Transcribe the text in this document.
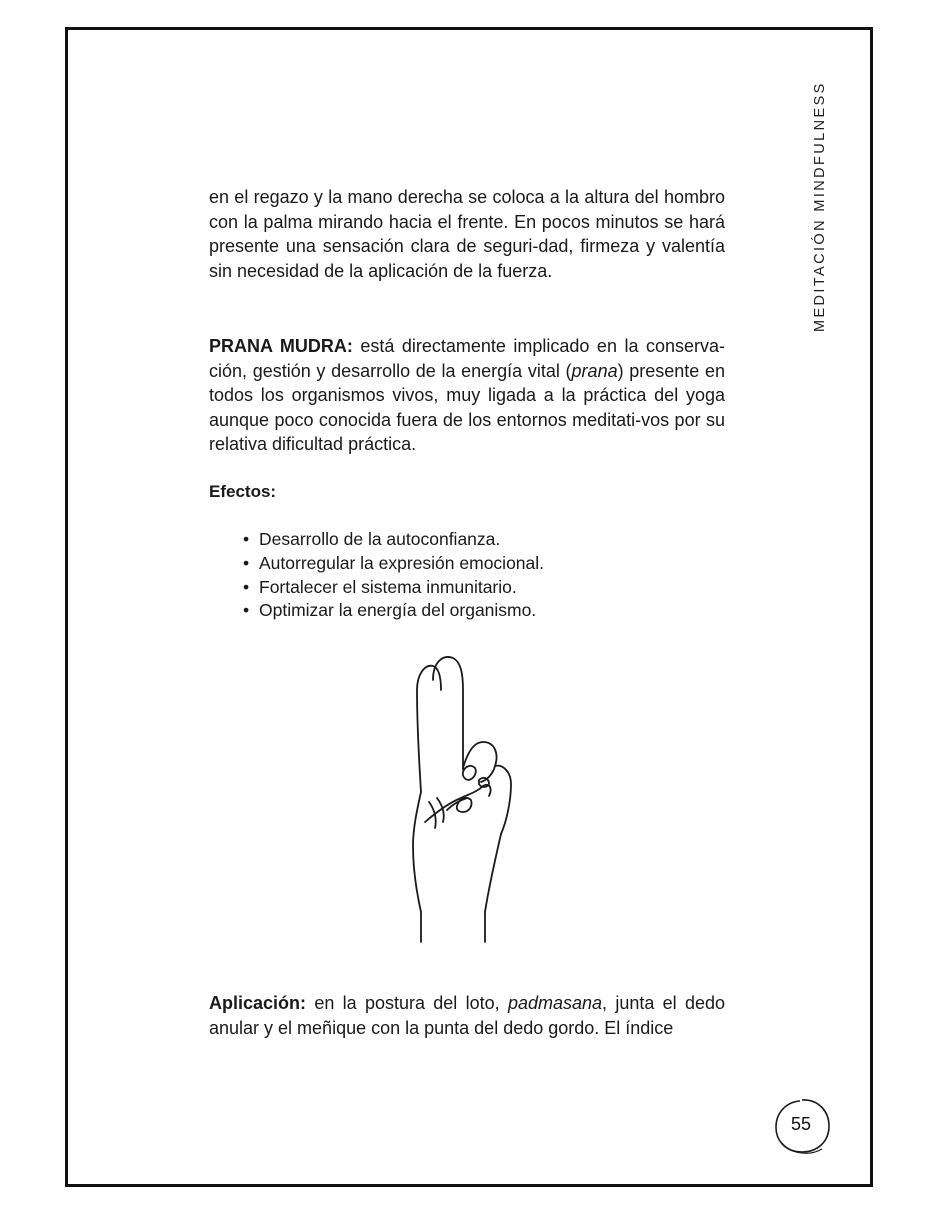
MEDITACIÓN MINDFULNESS

en el regazo y la mano derecha se coloca a la altura del hombro con la palma mirando hacia el frente. En pocos minutos se hará presente una sensación clara de seguri-dad, firmeza y valentía sin necesidad de la aplicación de la fuerza.

PRANA MUDRA: está directamente implicado en la conserva-ción, gestión y desarrollo de la energía vital (prana) presente en todos los organismos vivos, muy ligada a la práctica del yoga aunque poco conocida fuera de los entornos meditati-vos por su relativa dificultad práctica.

Efectos:
• Desarrollo de la autoconfianza.
• Autorregular la expresión emocional.
• Fortalecer el sistema inmunitario.
• Optimizar la energía del organismo.

Aplicación: en la postura del loto, padmasana, junta el dedo anular y el meñique con la punta del dedo gordo. El índice

55
